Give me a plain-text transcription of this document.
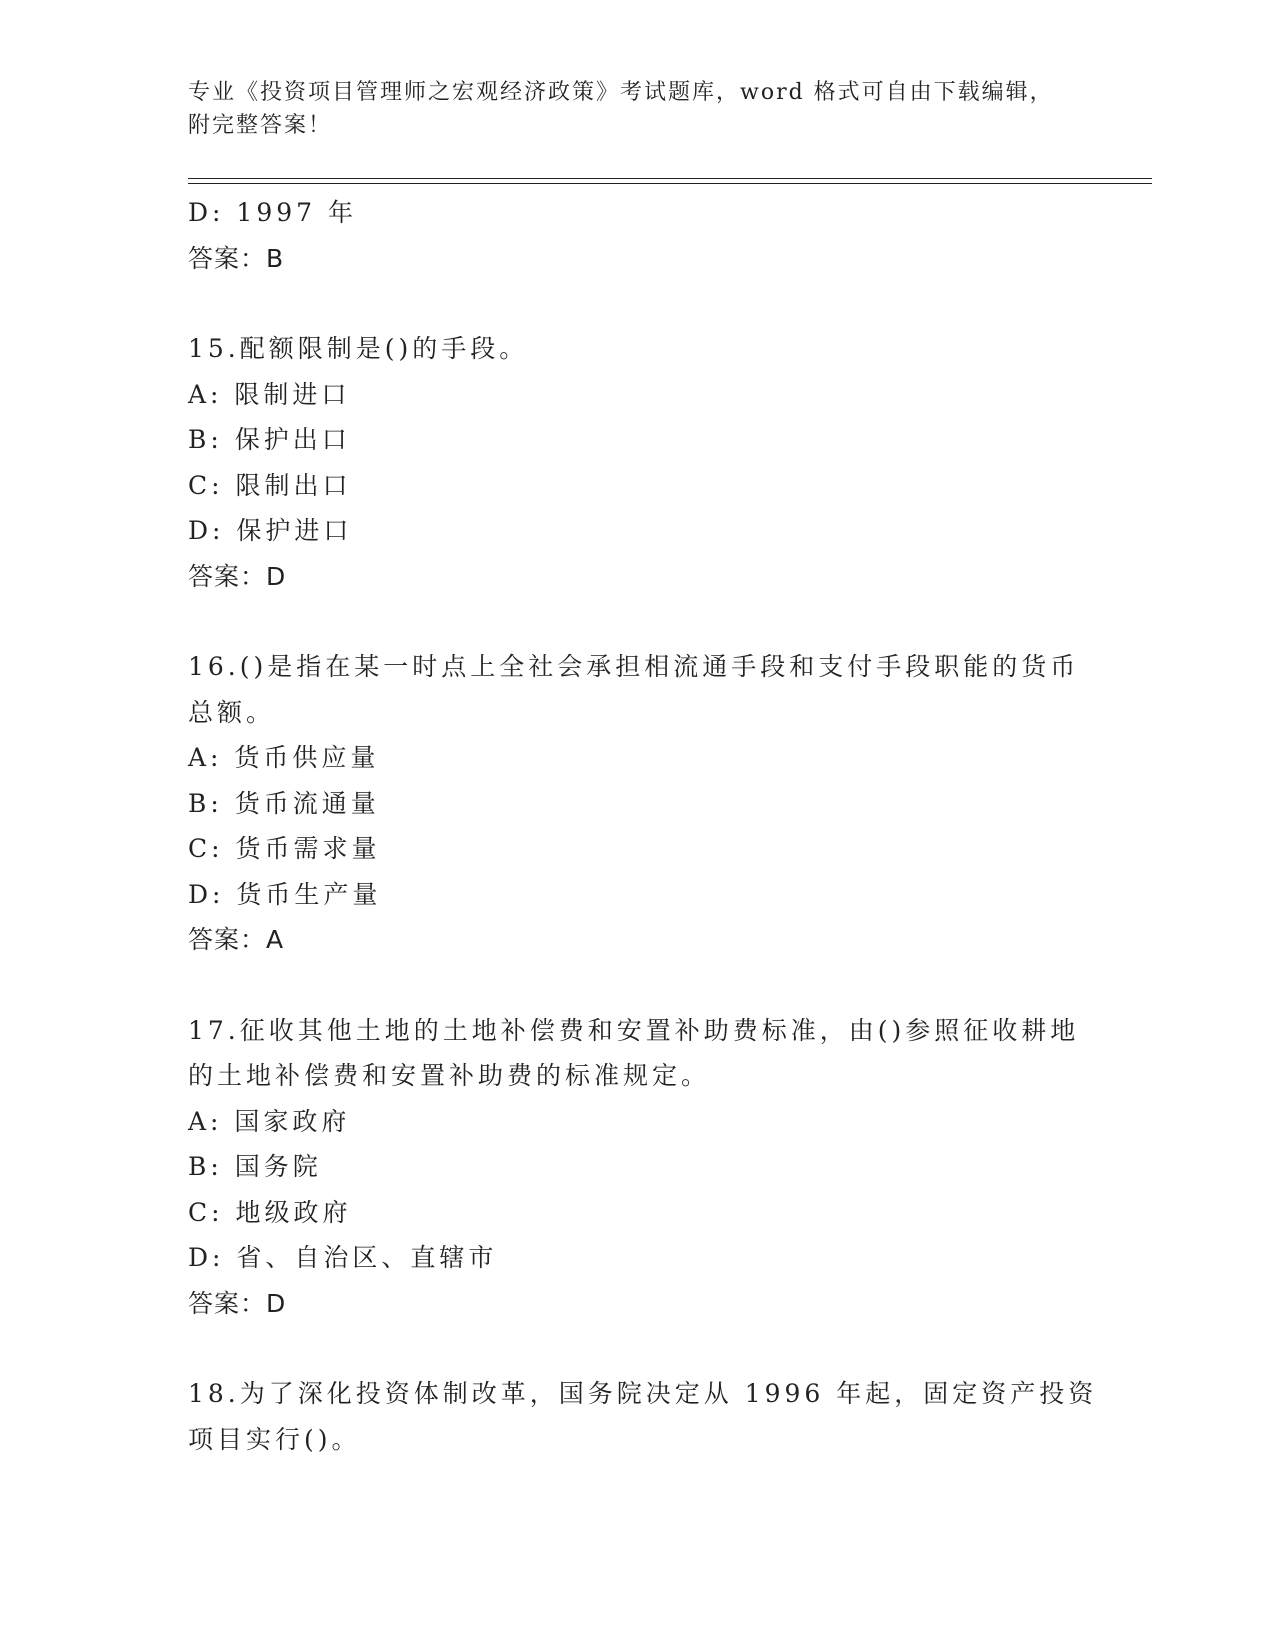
专业《投资项目管理师之宏观经济政策》考试题库，word 格式可自由下载编辑，
附完整答案！
D: 1997 年
答案：B
15.配额限制是()的手段。
A: 限制进口
B: 保护出口
C: 限制出口
D: 保护进口
答案：D
16.()是指在某一时点上全社会承担相流通手段和支付手段职能的货币
总额。
A: 货币供应量
B: 货币流通量
C: 货币需求量
D: 货币生产量
答案：A
17.征收其他土地的土地补偿费和安置补助费标准，由()参照征收耕地
的土地补偿费和安置补助费的标准规定。
A: 国家政府
B: 国务院
C: 地级政府
D: 省、自治区、直辖市
答案：D
18.为了深化投资体制改革，国务院决定从 1996 年起，固定资产投资
项目实行()。
